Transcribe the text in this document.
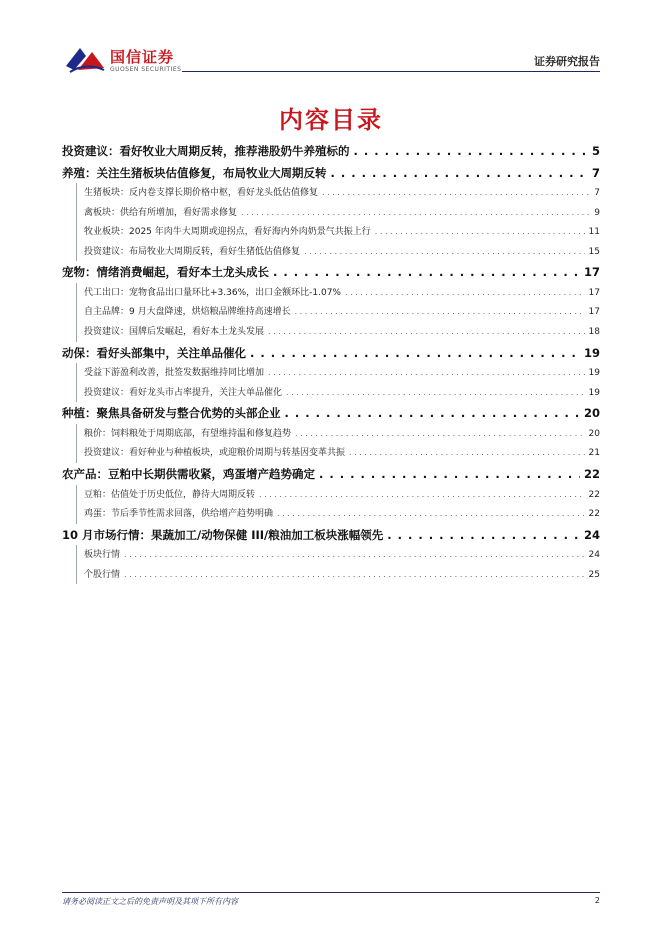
国信证券
GUOSEN SECURITIES
证券研究报告
内容目录
投资建议：看好牧业大周期反转，推荐港股奶牛养殖标的 . . .	5
养殖：关注生猪板块估值修复，布局牧业大周期反转 . . .	7
生猪板块：反内卷支撑长期价格中枢，看好龙头低估值修复 . . .	7
禽板块：供给有所增加，看好需求修复 . . .	9
牧业板块：2025 年肉牛大周期或迎拐点，看好海内外肉奶景气共振上行 . . .	11
投资建议：布局牧业大周期反转，看好生猪低估值修复 . . .	15
宠物：情绪消费崛起，看好本土龙头成长 . . .	17
代工出口：宠物食品出口量环比+3.36%，出口金额环比-1.07% . . .	17
自主品牌：9 月大盘降速，烘焙粮品牌维持高速增长 . . .	17
投资建议：国牌后发崛起，看好本土龙头发展 . . .	18
动保：看好头部集中，关注单品催化 . . .	19
受益下游盈利改善，批签发数据维持同比增加 . . .	19
投资建议：看好龙头市占率提升，关注大单品催化 . . .	19
种植：聚焦具备研发与整合优势的头部企业 . . .	20
粮价：饲料粮处于周期底部，有望维持温和修复趋势 . . .	20
投资建议：看好种业与种植板块，或迎粮价周期与转基因变革共振 . . .	21
农产品：豆粕中长期供需收紧，鸡蛋增产趋势确定 . . .	22
豆粕：估值处于历史低位，静待大周期反转 . . .	22
鸡蛋：节后季节性需求回落，供给增产趋势明确 . . .	22
10 月市场行情：果蔬加工/动物保健 III/粮油加工板块涨幅领先 . . .	24
板块行情 . . .	24
个股行情 . . .	25
请务必阅读正文之后的免责声明及其项下所有内容	2
